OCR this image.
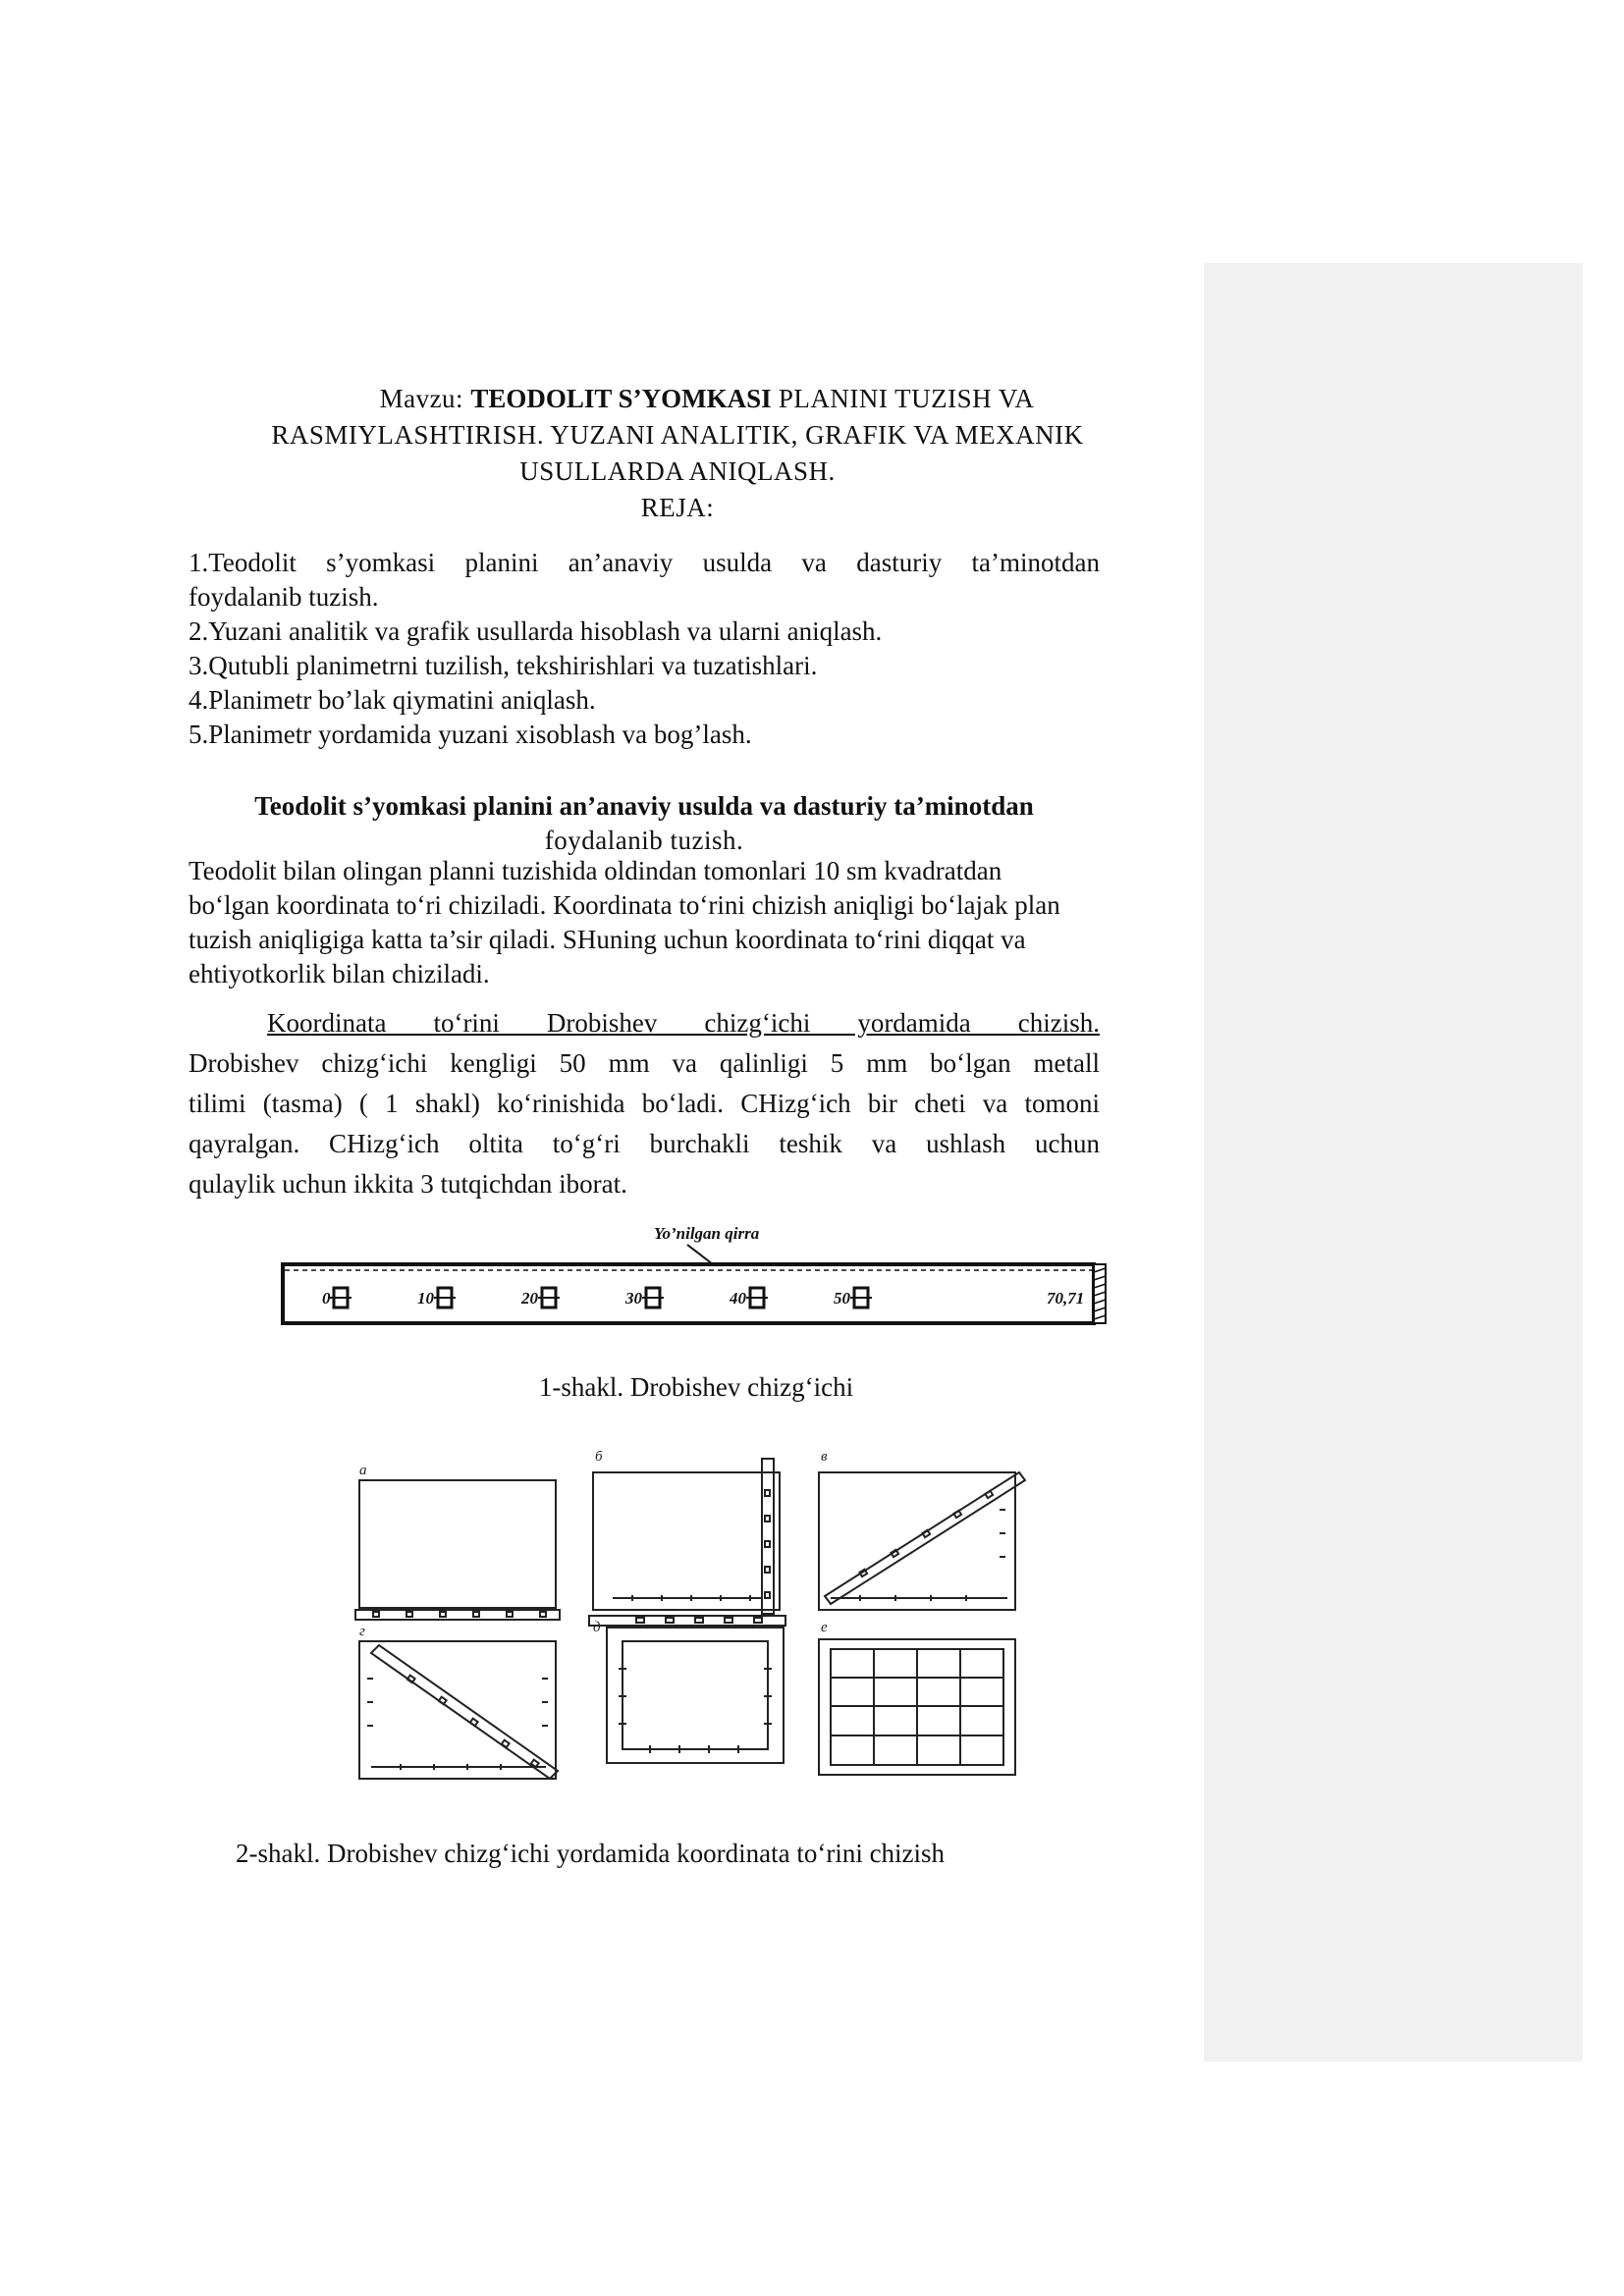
Mavzu: TEODOLIT S’YOMKASI PLANINI TUZISH VA
RASMIYLASHTIRISH. YUZANI ANALITIK, GRAFIK VA MEXANIK
USULLARDA ANIQLASH.
REJA:

1.Teodolit s’yomkasi planini an’anaviy usulda va dasturiy ta’minotdan

foydalanib tuzish.

2.Yuzani analitik va grafik usullarda hisoblash va ularni aniqlash.

3.Qutubli planimetrni tuzilish, tekshirishlari va tuzatishlari.

4.Planimetr bo’lak qiymatini aniqlash.

5.Planimetr yordamida yuzani xisoblash va bog’lash.

Teodolit s’yomkasi planini an’anaviy usulda va dasturiy ta’minotdan
foydalanib tuzish.

Teodolit bilan olingan planni tuzishida oldindan tomonlari 10 sm kvadratdan

bo‘lgan koordinata to‘ri chiziladi. Koordinata to‘rini chizish aniqligi bo‘lajak plan

tuzish aniqligiga katta ta’sir qiladi. SHuning uchun koordinata to‘rini diqqat va

ehtiyotkorlik bilan chiziladi.

Koordinata to‘rini Drobishev chizg‘ichi yordamida chizish.

Drobishev chizg‘ichi kengligi 50 mm va qalinligi 5 mm bo‘lgan metall

tilimi (tasma) ( 1 shakl) ko‘rinishida bo‘ladi. CHizg‘ich bir cheti va tomoni

qayralgan. CHizg‘ich oltita to‘g‘ri burchakli teshik va ushlash uchun

qulaylik uchun ikkita 3 tutqichdan iborat.

Yo’nilgan qirra
0	10	20	30	40	50	70,71
1-shakl. Drobishev chizg‘ichi
a
б	в
г	д	е
2-shakl. Drobishev chizg‘ichi yordamida koordinata to‘rini chizish
